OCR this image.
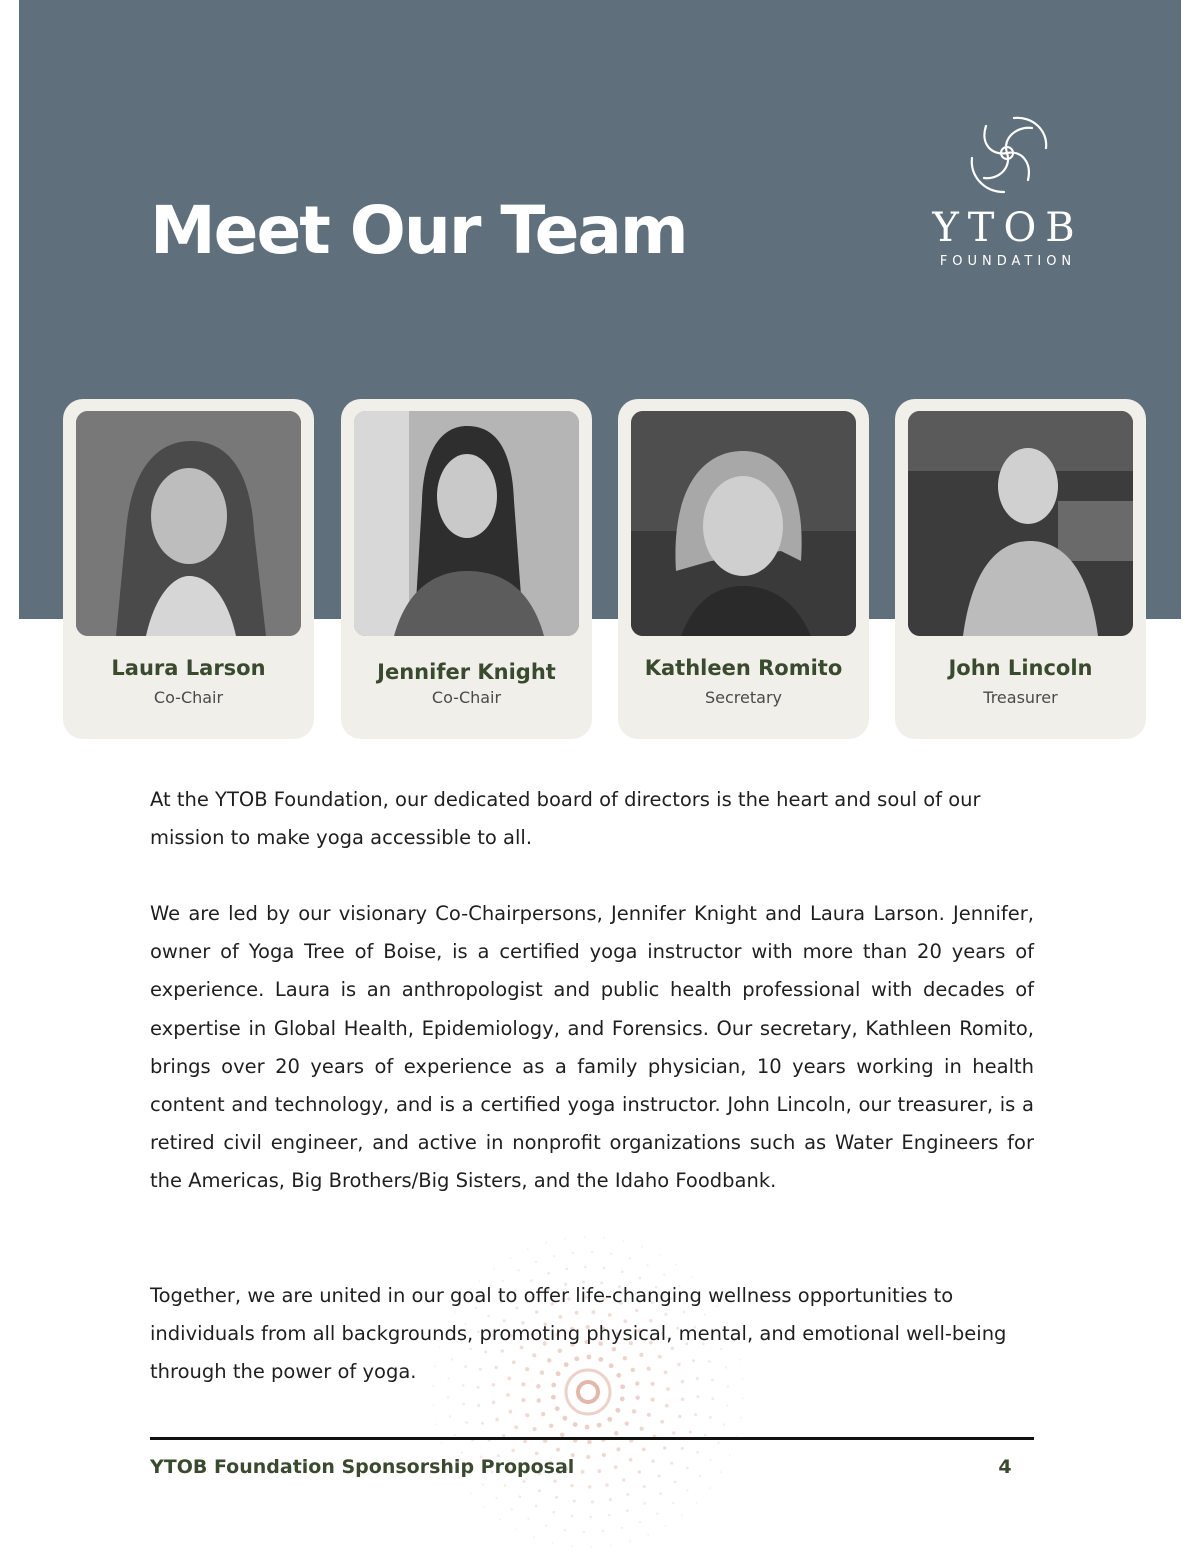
Meet Our Team	YTOB
FOUNDATION
Laura Larson
Co-Chair
Jennifer Knight
Co-Chair
Kathleen Romito
Secretary
John Lincoln
Treasurer

At the YTOB Foundation, our dedicated board of directors is the heart and soul of our mission to make yoga accessible to all.

We are led by our visionary Co-Chairpersons, Jennifer Knight and Laura Larson. Jennifer, owner of Yoga Tree of Boise, is a certified yoga instructor with more than 20 years of experience. Laura is an anthropologist and public health professional with decades of expertise in Global Health, Epidemiology, and Forensics. Our secretary, Kathleen Romito, brings over 20 years of experience as a family physician, 10 years working in health content and technology, and is a certified yoga instructor. John Lincoln, our treasurer, is a retired civil engineer, and active in nonprofit organizations such as Water Engineers for the Americas, Big Brothers/Big Sisters, and the Idaho Foodbank.

Together, we are united in our goal to offer life-changing wellness opportunities to individuals from all backgrounds, promoting physical, mental, and emotional well-being through the power of yoga.

YTOB Foundation Sponsorship Proposal	4
